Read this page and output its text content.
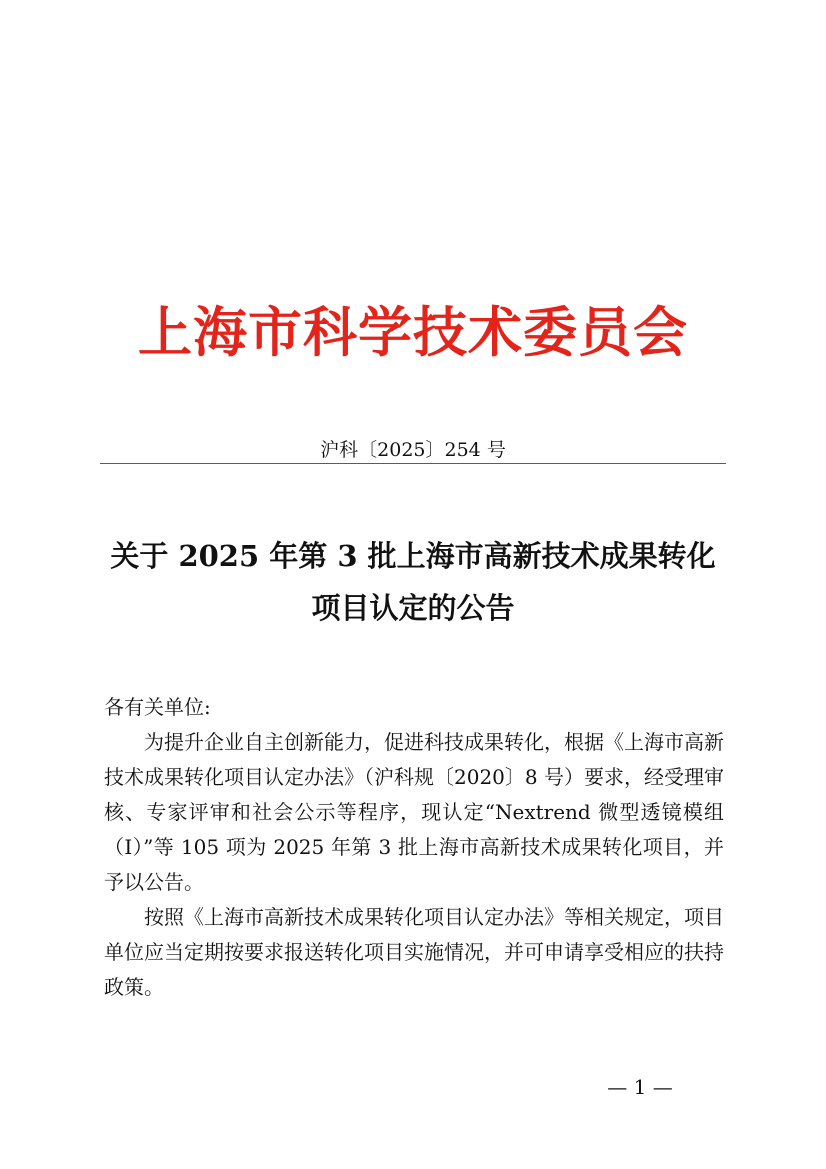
上海市科学技术委员会
沪科〔2025〕254 号
关于 2025 年第 3 批上海市高新技术成果转化
项目认定的公告

各有关单位:

为提升企业自主创新能力，促进科技成果转化，根据《上海市高新技术成果转化项目认定办法》（沪科规〔2020〕8 号）要求，经受理审核、专家评审和社会公示等程序，现认定“Nextrend 微型透镜模组（I）”等 105 项为 2025 年第 3 批上海市高新技术成果转化项目，并予以公告。

按照《上海市高新技术成果转化项目认定办法》等相关规定，项目单位应当定期按要求报送转化项目实施情况，并可申请享受相应的扶持政策。

— 1 —
